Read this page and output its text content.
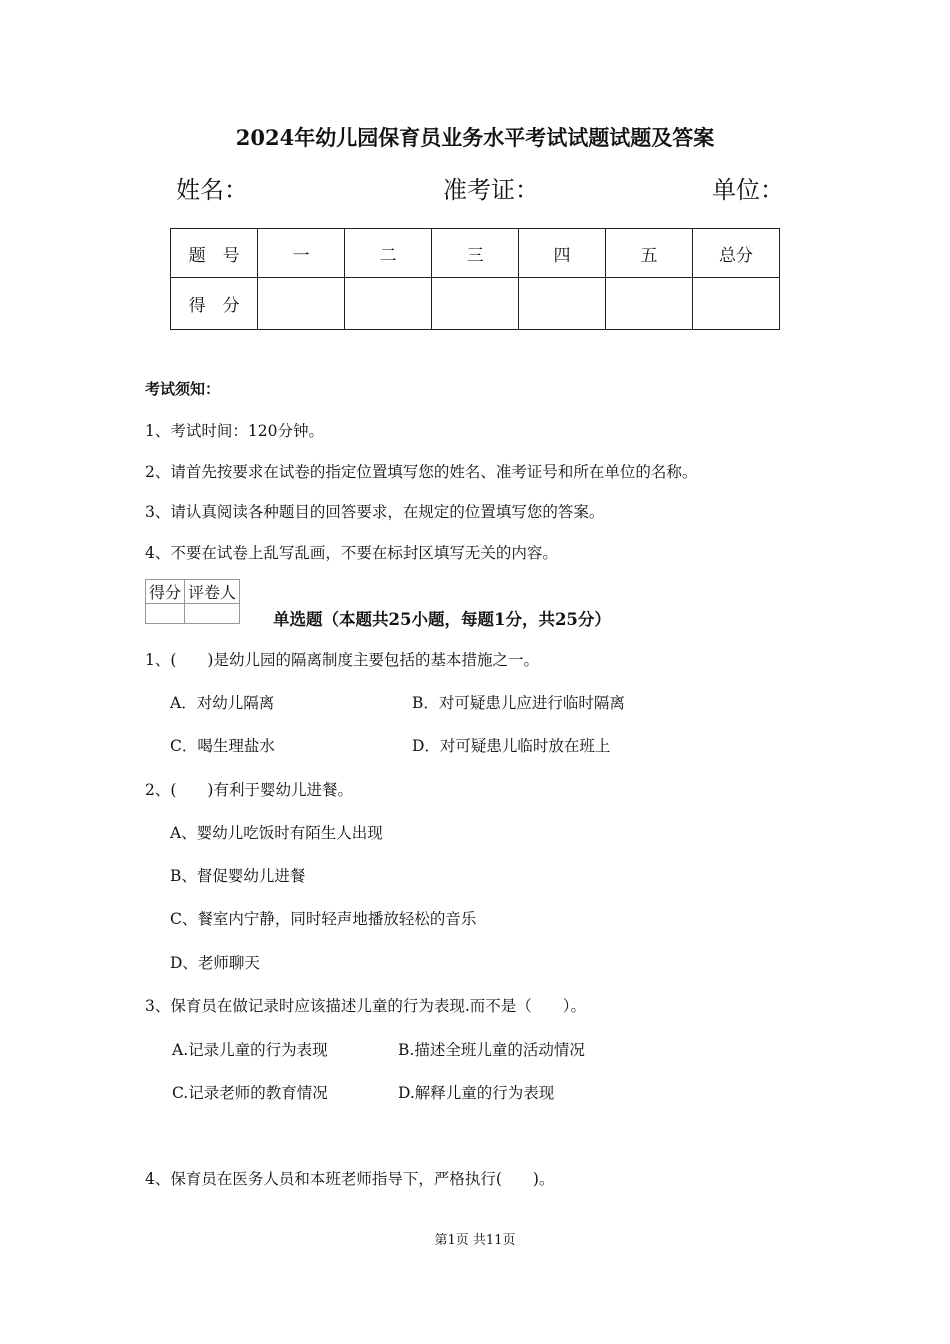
2024年幼儿园保育员业务水平考试试题试题及答案
姓名：	准考证：	单位：
题　号	一	二	三	四	五	总分
得　分						
考试须知：
1、考试时间：120分钟。
2、请首先按要求在试卷的指定位置填写您的姓名、准考证号和所在单位的名称。
3、请认真阅读各种题目的回答要求，在规定的位置填写您的答案。
4、不要在试卷上乱写乱画，不要在标封区填写无关的内容。
得分	评卷人

单选题（本题共25小题，每题1分，共25分）
1、(　　)是幼儿园的隔离制度主要包括的基本措施之一。
A．对幼儿隔离	B．对可疑患儿应进行临时隔离
C．喝生理盐水	D．对可疑患儿临时放在班上
2、(　　)有利于婴幼儿进餐。
A、婴幼儿吃饭时有陌生人出现
B、督促婴幼儿进餐
C、餐室内宁静，同时轻声地播放轻松的音乐
D、老师聊天
3、保育员在做记录时应该描述儿童的行为表现.而不是（　　）。
A.记录儿童的行为表现	B.描述全班儿童的活动情况
C.记录老师的教育情况	D.解释儿童的行为表现
4、保育员在医务人员和本班老师指导下，严格执行(　　)。
第1页 共11页
